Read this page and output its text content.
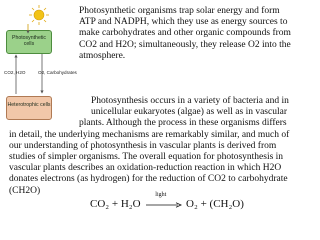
Photosynthetic cells
CO2, H2O	O2, Carbohydrates
Heterotrophic cells
Photosynthetic organisms trap solar energy and form ATP and NADPH, which they use as energy sources to make carbohydrates and other organic compounds from CO2 and H2O; simultaneously, they release O2 into the atmosphere.
Photosynthesis occurs in a variety of bacteria and in
unicellular eukaryotes (algae) as well as in vascular
plants. Although the process in these organisms differs
in detail, the underlying mechanisms are remarkably similar, and much of
our understanding of photosynthesis in vascular plants is derived from
studies of simpler organisms. The overall equation for photosynthesis in
vascular plants describes an oxidation-reduction reaction in which H2O
donates electrons (as hydrogen) for the reduction of CO2 to carbohydrate
(CH2O)
CO₂ + H₂O
light
O₂ + (CH₂O)
